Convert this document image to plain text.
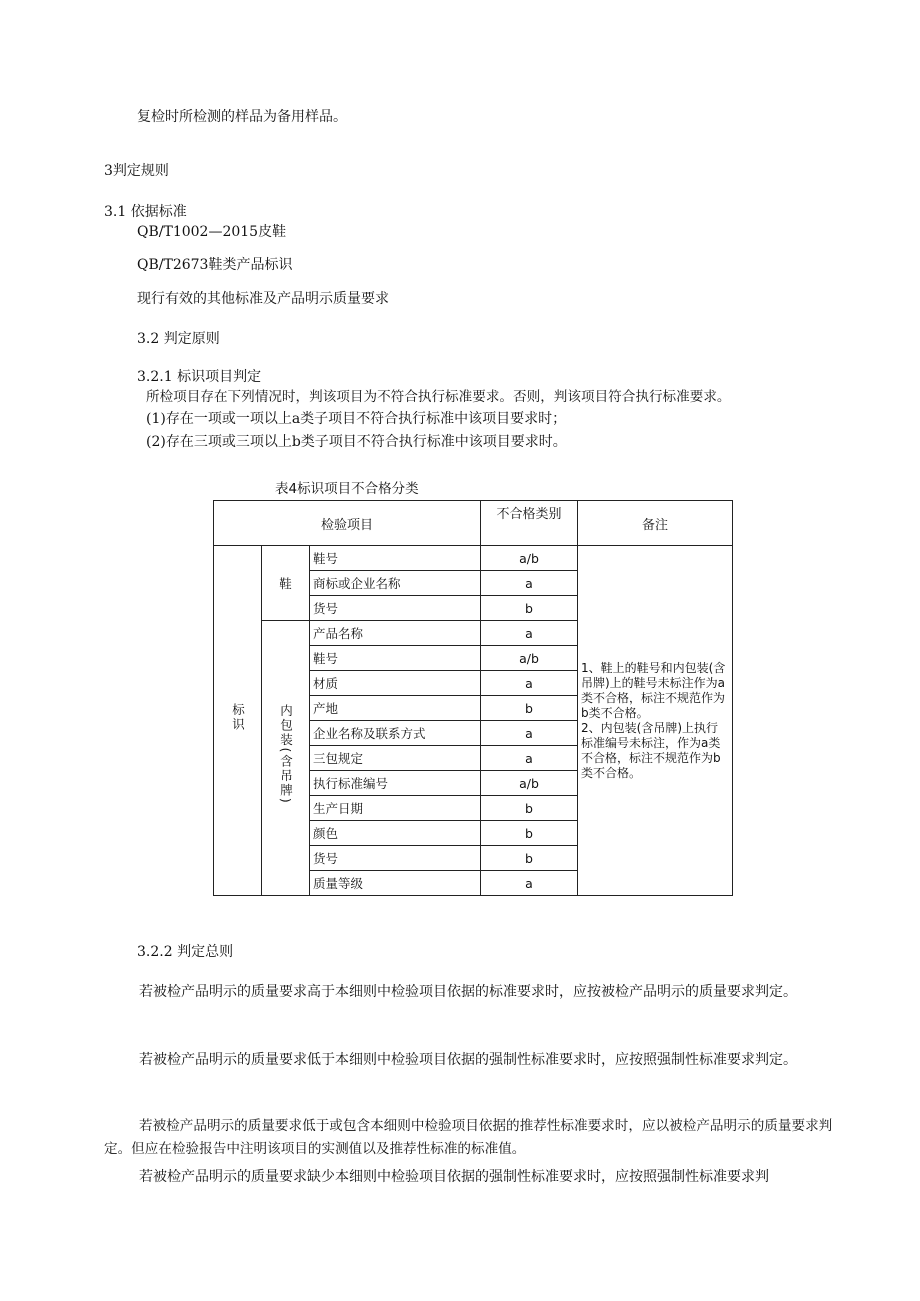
复检时所检测的样品为备用样品。
3判定规则
3.1 依据标准
QB/T1002—2015皮鞋
QB/T2673鞋类产品标识
现行有效的其他标准及产品明示质量要求
3.2 判定原则
3.2.1 标识项目判定
所检项目存在下列情况时，判该项目为不符合执行标准要求。否则，判该项目符合执行标准要求。
(1)存在一项或一项以上a类子项目不符合执行标准中该项目要求时；
(2)存在三项或三项以上b类子项目不符合执行标准中该项目要求时。
表4标识项目不合格分类
检验项目			不合格类别	备注
标识	鞋	鞋号	a/b	1、鞋上的鞋号和内包装(含吊牌)上的鞋号未标注作为a类不合格，标注不规范作为b类不合格。
2、内包装(含吊牌)上执行标准编号未标注，作为a类不合格，标注不规范作为b类不合格。

		商标或企业名称	a	
		货号	b	
	内包装(含吊牌)	产品名称	a	
		鞋号	a/b	
		材质	a	
		产地	b	
		企业名称及联系方式	a	
		三包规定	a	
		执行标准编号	a/b	
		生产日期	b	
		颜色	b	
		货号	b	
		质量等级	a	
3.2.2 判定总则
若被检产品明示的质量要求高于本细则中检验项目依据的标准要求时，应按被检产品明示的质量要求判定。
若被检产品明示的质量要求低于本细则中检验项目依据的强制性标准要求时，应按照强制性标准要求判定。
若被检产品明示的质量要求低于或包含本细则中检验项目依据的推荐性标准要求时，应以被检产品明示的质量要求判定。但应在检验报告中注明该项目的实测值以及推荐性标准的标准值。
若被检产品明示的质量要求缺少本细则中检验项目依据的强制性标准要求时，应按照强制性标准要求判
